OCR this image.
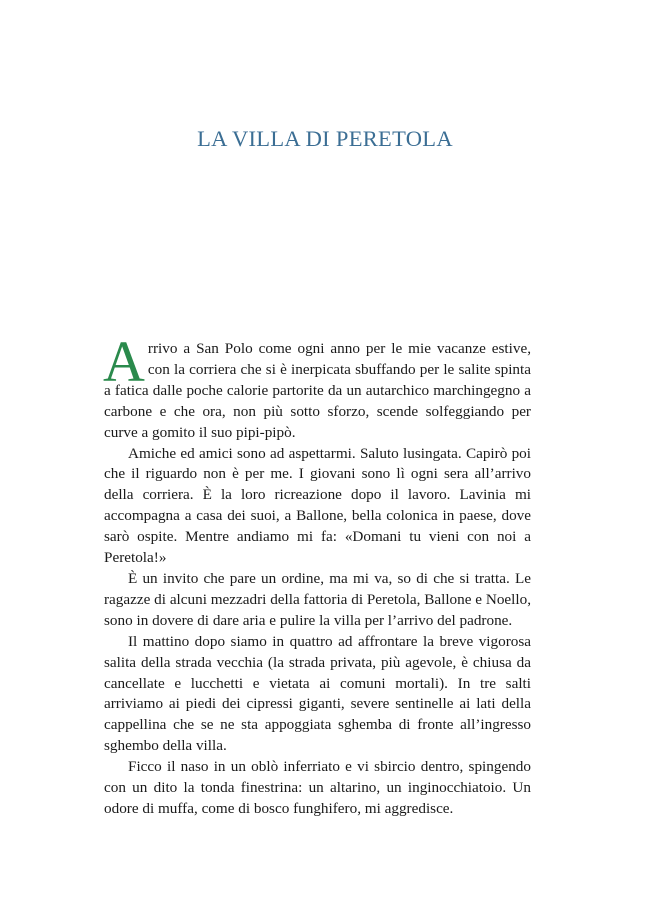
LA VILLA DI PERETOLA

Arrivo a San Polo come ogni anno per le mie vacanze estive, con la corriera che si è inerpicata sbuffando per le salite spinta a fatica dalle poche calorie partorite da un autarchico marchingegno a carbone e che ora, non più sotto sforzo, scende solfeggiando per curve a gomito il suo pipi-pipò.

Amiche ed amici sono ad aspettarmi. Saluto lusingata. Capirò poi che il riguardo non è per me. I giovani sono lì ogni sera all’arrivo della corriera. È la loro ricreazione dopo il lavoro. Lavinia mi accompagna a casa dei suoi, a Ballone, bella colonica in paese, dove sarò ospite. Mentre andiamo mi fa: «Domani tu vieni con noi a Peretola!»

È un invito che pare un ordine, ma mi va, so di che si tratta. Le ragazze di alcuni mezzadri della fattoria di Peretola, Ballone e Noello, sono in dovere di dare aria e pulire la villa per l’arrivo del padrone.

Il mattino dopo siamo in quattro ad affrontare la breve vigorosa salita della strada vecchia (la strada privata, più agevole, è chiusa da cancellate e lucchetti e vietata ai comuni mortali). In tre salti arriviamo ai piedi dei cipressi giganti, severe sentinelle ai lati della cappellina che se ne sta appoggiata sghemba di fronte all’ingresso sghembo della villa.

Ficco il naso in un oblò inferriato e vi sbircio dentro, spingendo con un dito la tonda finestrina: un altarino, un inginocchiatoio. Un odore di muffa, come di bosco funghifero, mi aggredisce.
